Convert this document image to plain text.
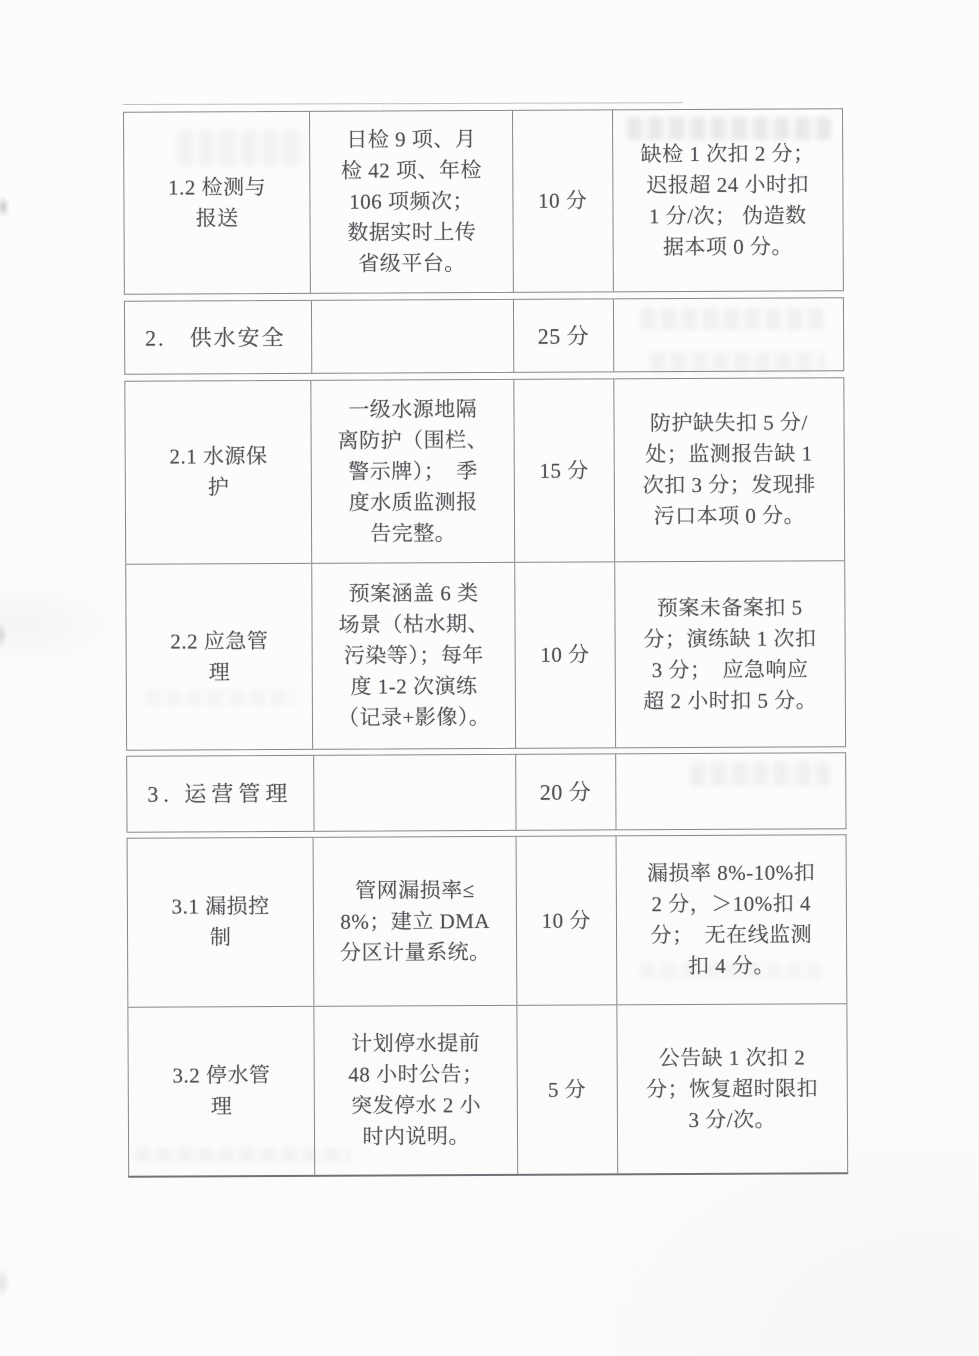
1.2 检测与
报送
日检 9 项、月
检 42 项、年检
106 项频次；
数据实时上传
省级平台。
10 分
缺检 1 次扣 2 分；
迟报超 24 小时扣
1 分/次； 伪造数
据本项 0 分。
2.　供水安全	25 分
2.1 水源保
护
一级水源地隔
离防护（围栏、
警示牌）；　季
度水质监测报
告完整。
15 分
防护缺失扣 5 分/
处；监测报告缺 1
次扣 3 分；发现排
污口本项 0 分。
2.2 应急管
理
预案涵盖 6 类
场景（枯水期、
污染等）；每年
度 1-2 次演练
（记录+影像）。
10 分
预案未备案扣 5
分；演练缺 1 次扣
3 分；　应急响应
超 2 小时扣 5 分。
3. 运营管理	20 分
3.1 漏损控
制
管网漏损率≤
8%；建立 DMA
分区计量系统。
10 分
漏损率 8%-10%扣
2 分，＞10%扣 4
分；　无在线监测
扣 4 分。
3.2 停水管
理
计划停水提前
48 小时公告；
突发停水 2 小
时内说明。
5 分
公告缺 1 次扣 2
分；恢复超时限扣
3 分/次。
